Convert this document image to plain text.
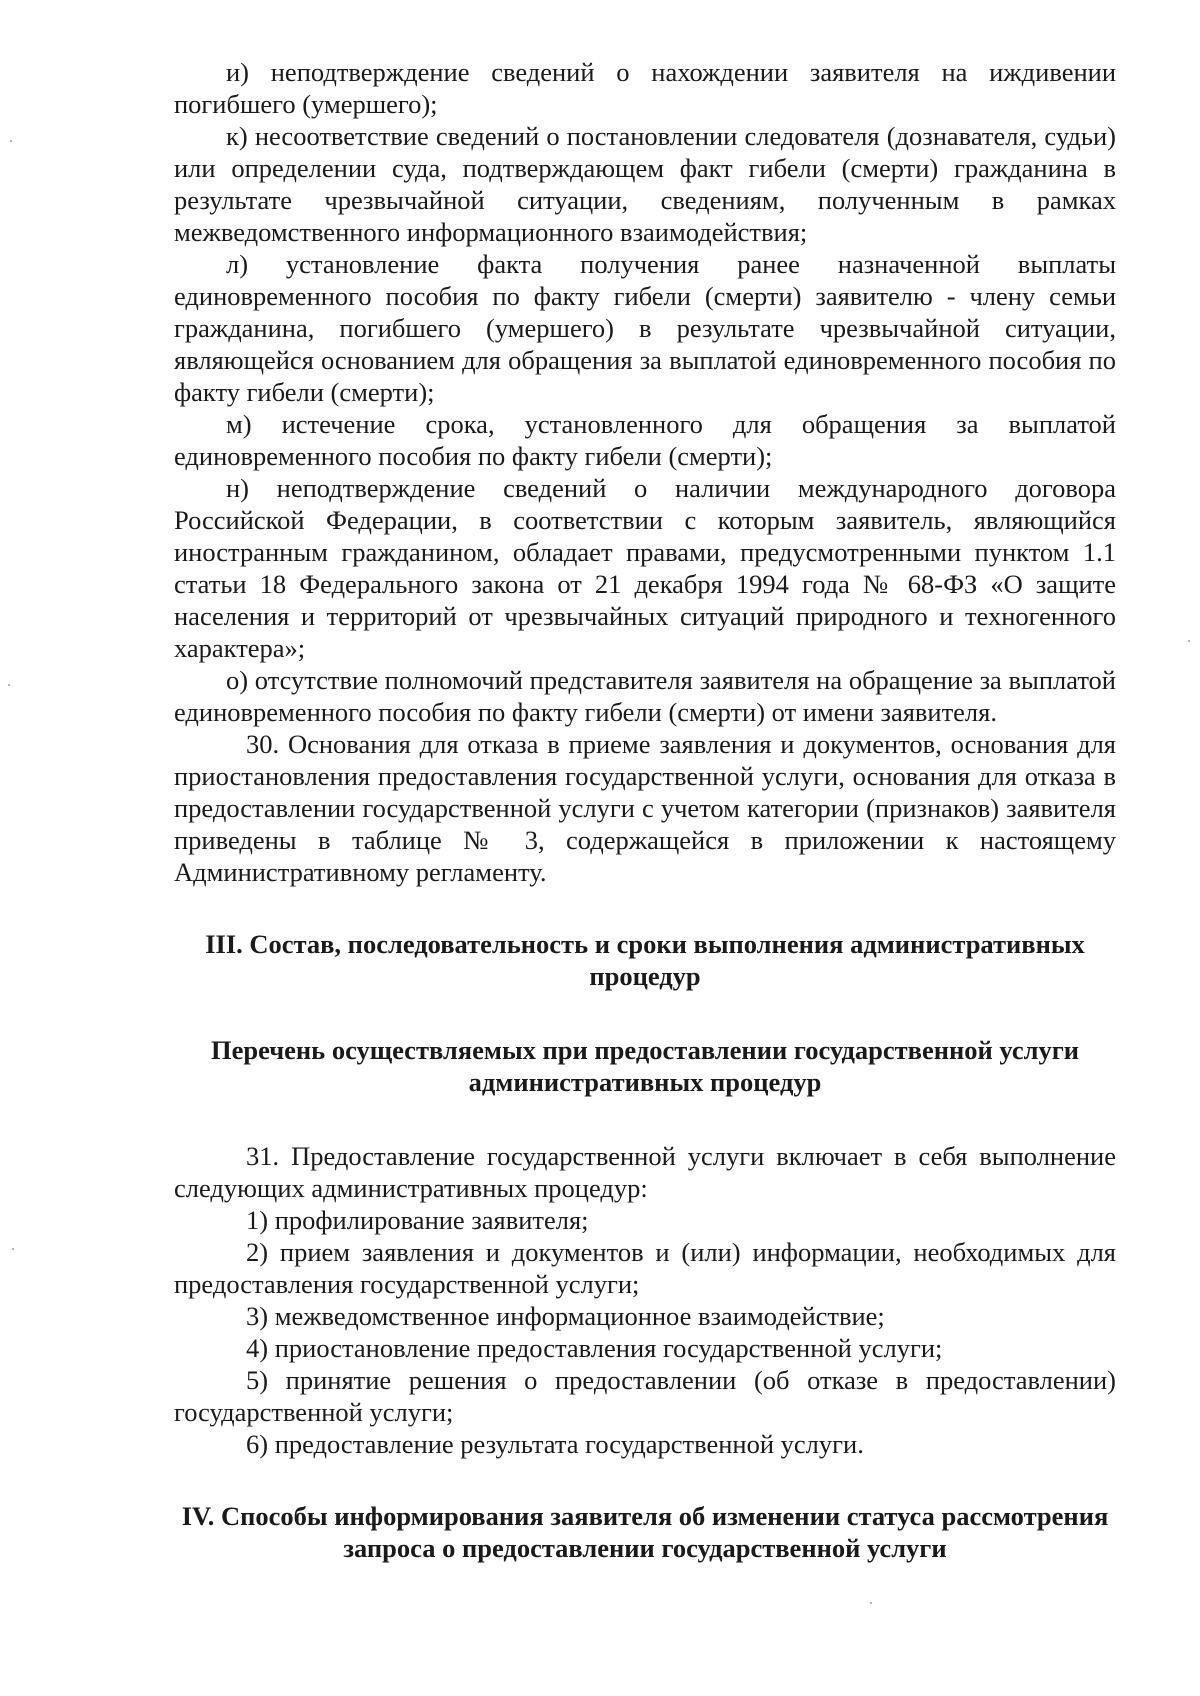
и) неподтверждение сведений о нахождении заявителя на иждивении погибшего (умершего);

к) несоответствие сведений о постановлении следователя (дознавателя, судьи) или определении суда, подтверждающем факт гибели (смерти) гражданина в результате чрезвычайной ситуации, сведениям, полученным в рамках межведомственного информационного взаимодействия;

л) установление факта получения ранее назначенной выплаты единовременного пособия по факту гибели (смерти) заявителю - члену семьи гражданина, погибшего (умершего) в результате чрезвычайной ситуации, являющейся основанием для обращения за выплатой единовременного пособия по факту гибели (смерти);

м) истечение срока, установленного для обращения за выплатой единовременного пособия по факту гибели (смерти);

н) неподтверждение сведений о наличии международного договора Российской Федерации, в соответствии с которым заявитель, являющийся иностранным гражданином, обладает правами, предусмотренными пунктом 1.1 статьи 18 Федерального закона от 21 декабря 1994 года № 68-ФЗ «О защите населения и территорий от чрезвычайных ситуаций природного и техногенного характера»;

о) отсутствие полномочий представителя заявителя на обращение за выплатой единовременного пособия по факту гибели (смерти) от имени заявителя.

30. Основания для отказа в приеме заявления и документов, основания для приостановления предоставления государственной услуги, основания для отказа в предоставлении государственной услуги с учетом категории (признаков) заявителя приведены в таблице № 3, содержащейся в приложении к настоящему Административному регламенту.

III. Состав, последовательность и сроки выполнения административных процедур
Перечень осуществляемых при предоставлении государственной услуги административных процедур

31. Предоставление государственной услуги включает в себя выполнение следующих административных процедур:

1) профилирование заявителя;

2) прием заявления и документов и (или) информации, необходимых для предоставления государственной услуги;

3) межведомственное информационное взаимодействие;

4) приостановление предоставления государственной услуги;

5) принятие решения о предоставлении (об отказе в предоставлении) государственной услуги;

6) предоставление результата государственной услуги.

IV. Способы информирования заявителя об изменении статуса рассмотрения запроса о предоставлении государственной услуги
